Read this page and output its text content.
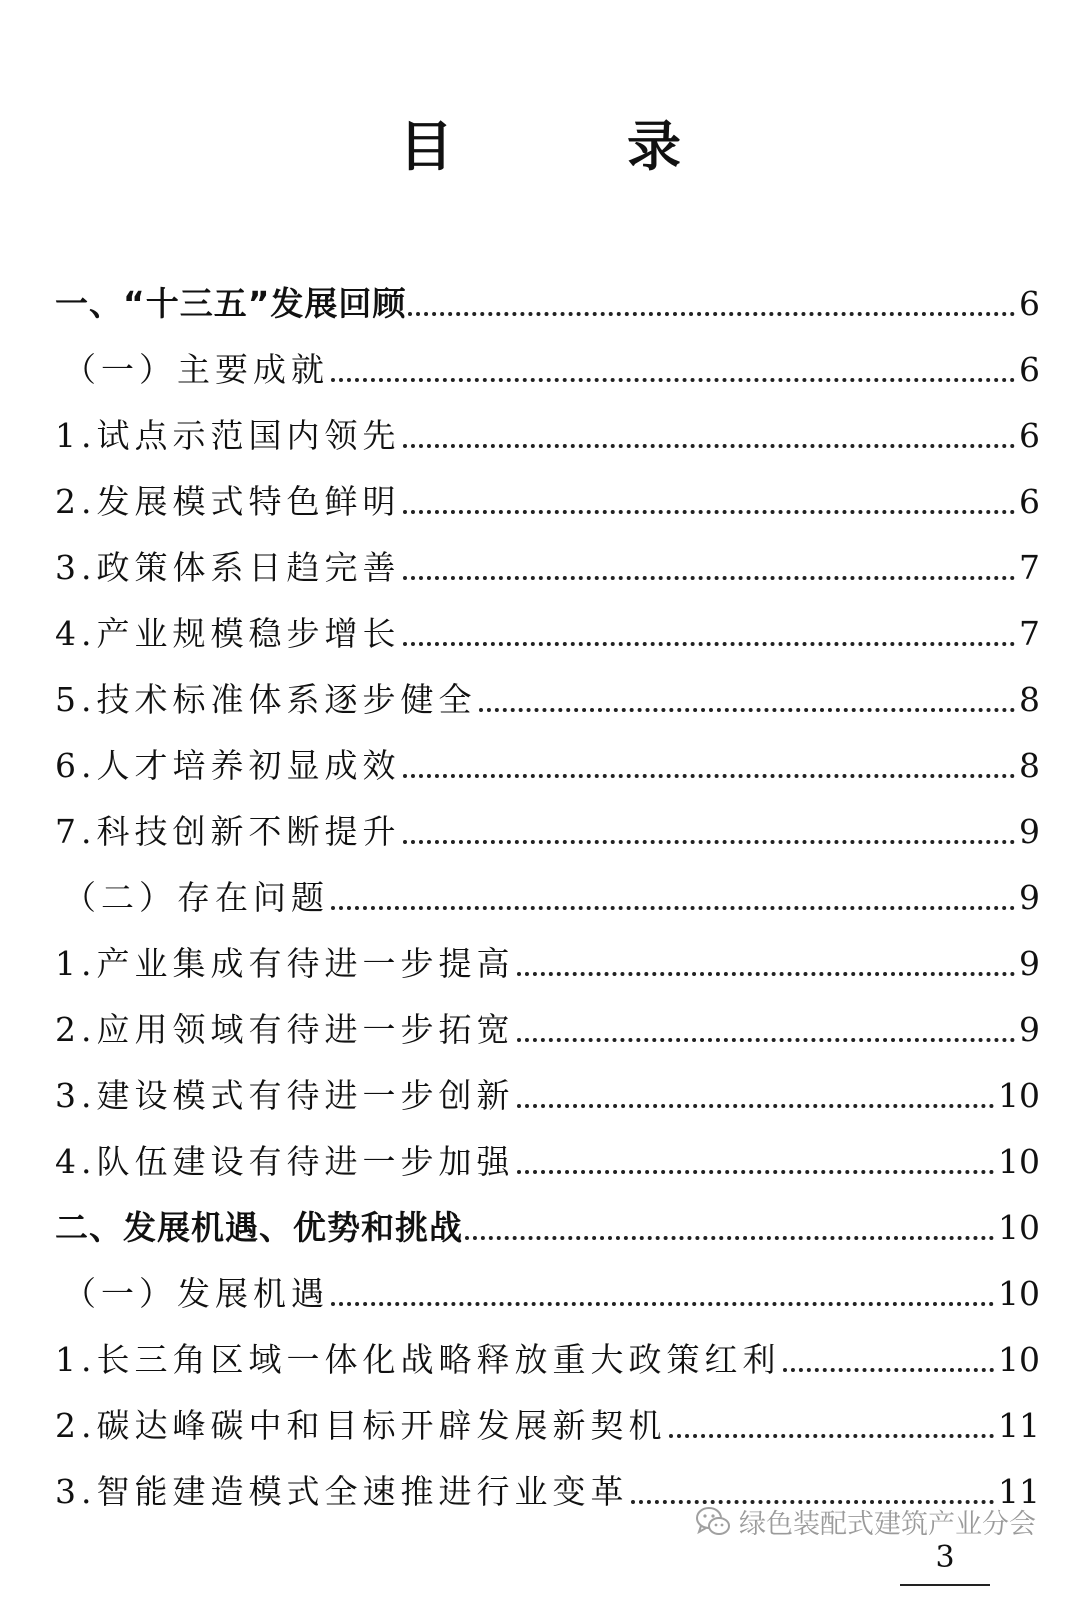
目　录
一、“十三五”发展回顾	6
（一）主要成就	6
1.试点示范国内领先	6
2.发展模式特色鲜明	6
3.政策体系日趋完善	7
4.产业规模稳步增长	7
5.技术标准体系逐步健全	8
6.人才培养初显成效	8
7.科技创新不断提升	9
（二）存在问题	9
1.产业集成有待进一步提高	9
2.应用领域有待进一步拓宽	9
3.建设模式有待进一步创新	10
4.队伍建设有待进一步加强	10
二、发展机遇、优势和挑战	10
（一）发展机遇	10
1.长三角区域一体化战略释放重大政策红利	10
2.碳达峰碳中和目标开辟发展新契机	11
3.智能建造模式全速推进行业变革	11
绿色装配式建筑产业分会
3
